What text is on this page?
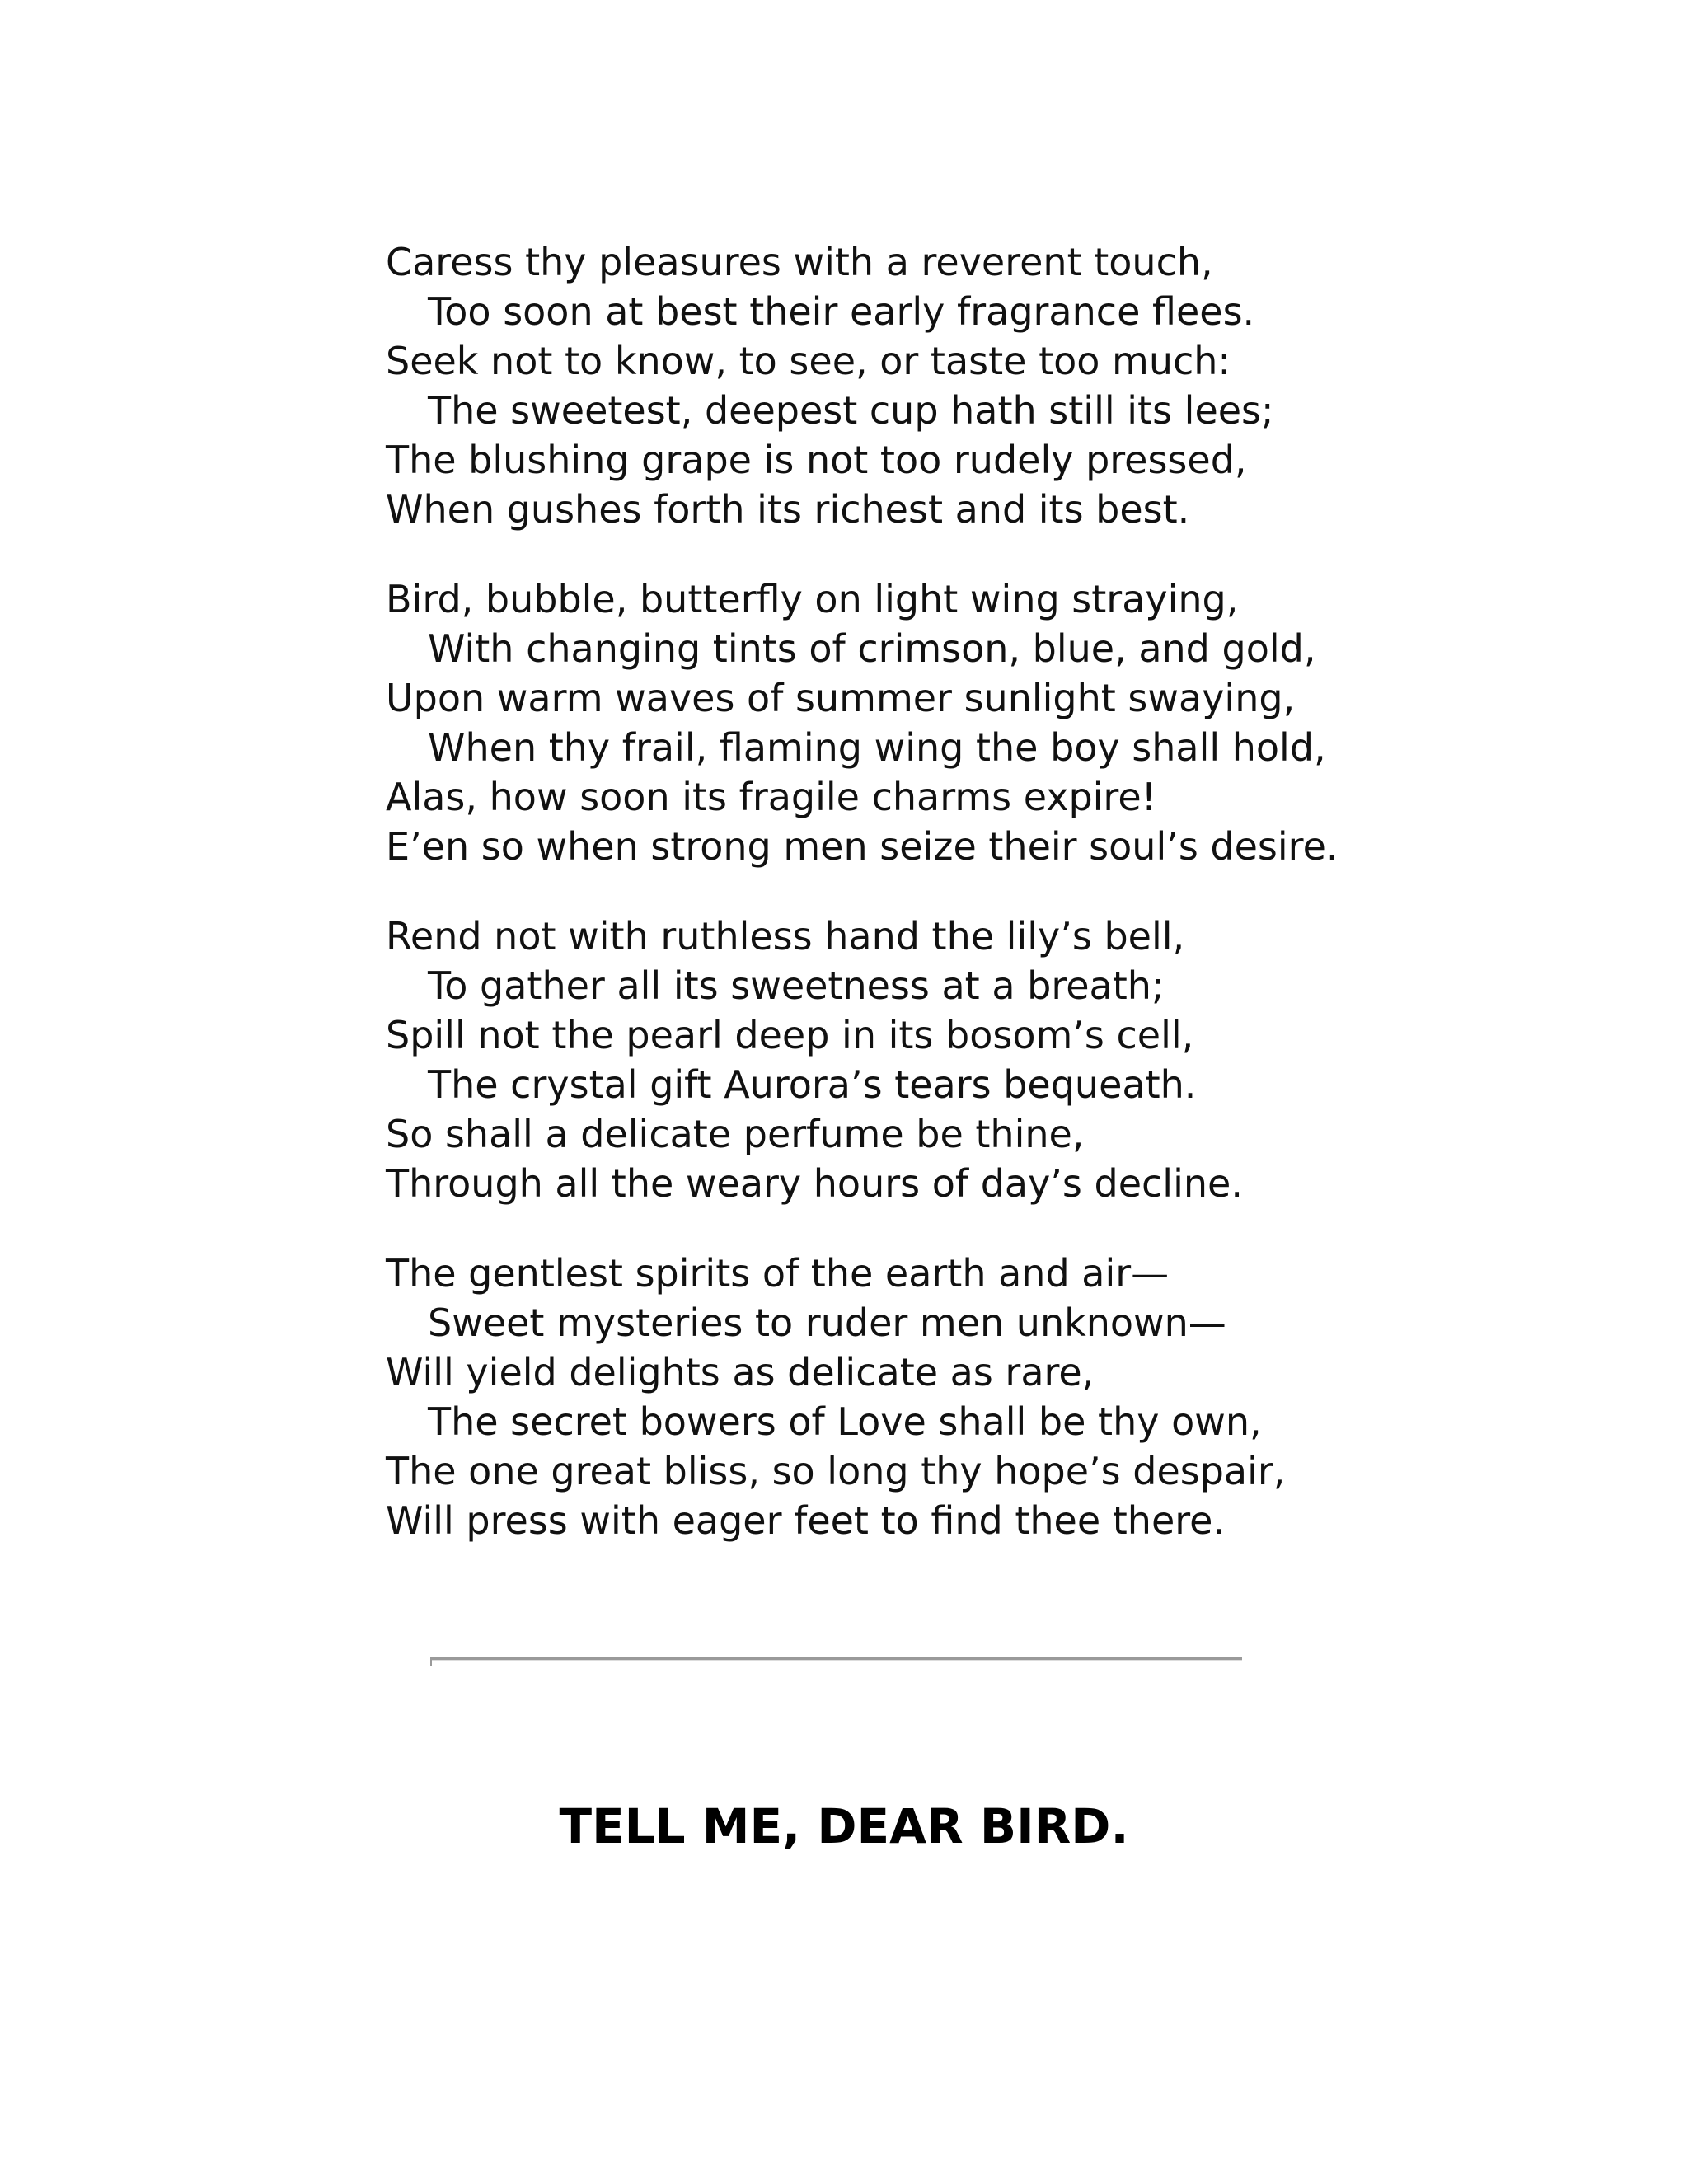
Caress thy pleasures with a reverent touch,
Too soon at best their early fragrance flees.
Seek not to know, to see, or taste too much:
The sweetest, deepest cup hath still its lees;
The blushing grape is not too rudely pressed,
When gushes forth its richest and its best.
Bird, bubble, butterfly on light wing straying,
With changing tints of crimson, blue, and gold,
Upon warm waves of summer sunlight swaying,
When thy frail, flaming wing the boy shall hold,
Alas, how soon its fragile charms expire!
E’en so when strong men seize their soul’s desire.
Rend not with ruthless hand the lily’s bell,
To gather all its sweetness at a breath;
Spill not the pearl deep in its bosom’s cell,
The crystal gift Aurora’s tears bequeath.
So shall a delicate perfume be thine,
Through all the weary hours of day’s decline.
The gentlest spirits of the earth and air—
Sweet mysteries to ruder men unknown—
Will yield delights as delicate as rare,
The secret bowers of Love shall be thy own,
The one great bliss, so long thy hope’s despair,
Will press with eager feet to find thee there.
TELL ME, DEAR BIRD.
